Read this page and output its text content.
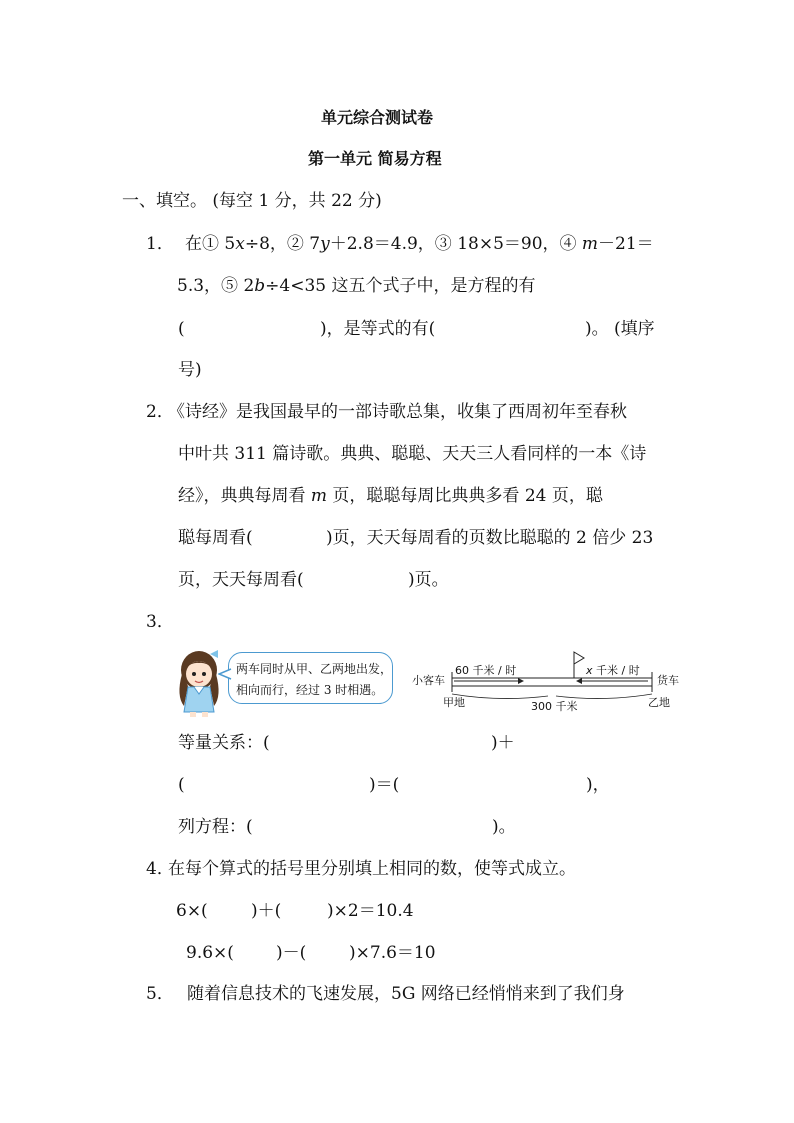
单元综合测试卷
第一单元 简易方程
一、填空。 (每空 1 分，共 22 分)
1． 在① 5x÷8，② 7y＋2.8＝4.9，③ 18×5＝90，④ m－21＝
5.3，⑤ 2b÷4<35 这五个式子中，是方程的有
(	)，是等式的有(	)。 (填序
号)
2．
《诗经》是我国最早的一部诗歌总集，收集了西周初年至春秋
中叶共 311 篇诗歌。典典、聪聪、天天三人看同样的一本《诗
经》，典典每周看 m 页，聪聪每周比典典多看 24 页，聪
聪每周看(	)页，天天每周看的页数比聪聪的 2 倍少 23
页，天天每周看(	)页。
3．
两车同时从甲、乙两地出发，
相向而行，经过 3 时相遇。
小客车	货车
60 千米 / 时	x 千米 / 时
甲地	300 千米	乙地
等量关系：(	)＋
(	)＝(	)，
列方程：(	)。
4．
在每个算式的括号里分别填上相同的数，使等式成立。
6×(	)＋(	)×2＝10.4
9.6×( )－(	)×7.6＝10
5． 随着信息技术的飞速发展，5G 网络已经悄悄来到了我们身
